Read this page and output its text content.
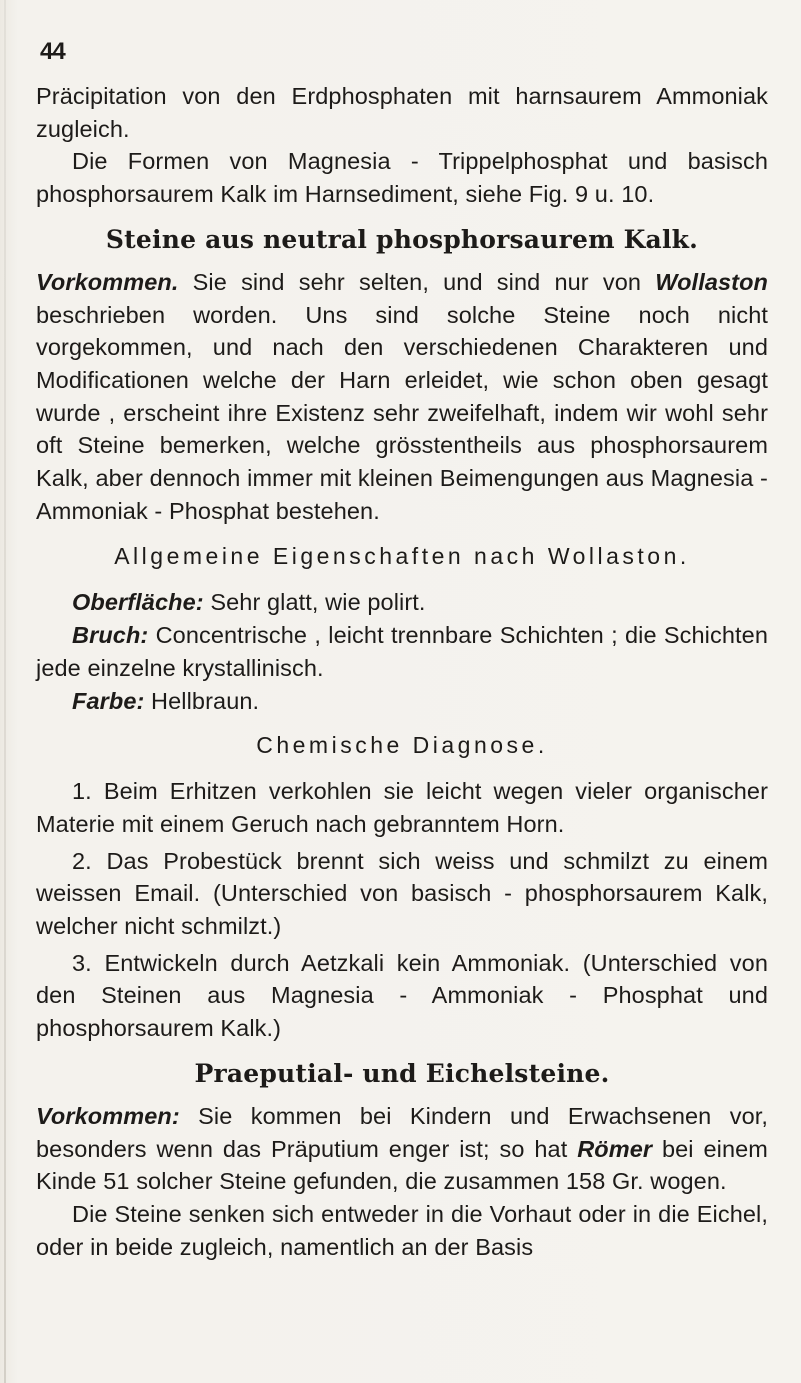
44

Präcipitation von den Erdphosphaten mit harnsaurem Ammoniak zugleich.

Die Formen von Magnesia - Trippelphosphat und basisch phosphorsaurem Kalk im Harnsediment, siehe Fig. 9 u. 10.

Steine aus neutral phosphorsaurem Kalk.

Vorkommen. Sie sind sehr selten, und sind nur von Wollaston beschrieben worden. Uns sind solche Steine noch nicht vorgekommen, und nach den verschiedenen Charakteren und Modificationen welche der Harn erleidet, wie schon oben gesagt wurde , erscheint ihre Existenz sehr zweifelhaft, indem wir wohl sehr oft Steine bemerken, welche grösstentheils aus phosphorsaurem Kalk, aber dennoch immer mit kleinen Beimengungen aus Magnesia - Ammoniak - Phosphat bestehen.

Allgemeine Eigenschaften nach Wollaston.

Oberfläche: Sehr glatt, wie polirt.

Bruch: Concentrische , leicht trennbare Schichten ; die Schichten jede einzelne krystallinisch.

Farbe: Hellbraun.

Chemische Diagnose.

1. Beim Erhitzen verkohlen sie leicht wegen vieler organischer Materie mit einem Geruch nach gebranntem Horn.

2. Das Probestück brennt sich weiss und schmilzt zu einem weissen Email. (Unterschied von basisch - phosphorsaurem Kalk, welcher nicht schmilzt.)

3. Entwickeln durch Aetzkali kein Ammoniak. (Unterschied von den Steinen aus Magnesia - Ammoniak - Phosphat und phosphorsaurem Kalk.)

Praeputial- und Eichelsteine.

Vorkommen: Sie kommen bei Kindern und Erwachsenen vor, besonders wenn das Präputium enger ist; so hat Römer bei einem Kinde 51 solcher Steine gefunden, die zusammen 158 Gr. wogen.

Die Steine senken sich entweder in die Vorhaut oder in die Eichel, oder in beide zugleich, namentlich an der Basis
